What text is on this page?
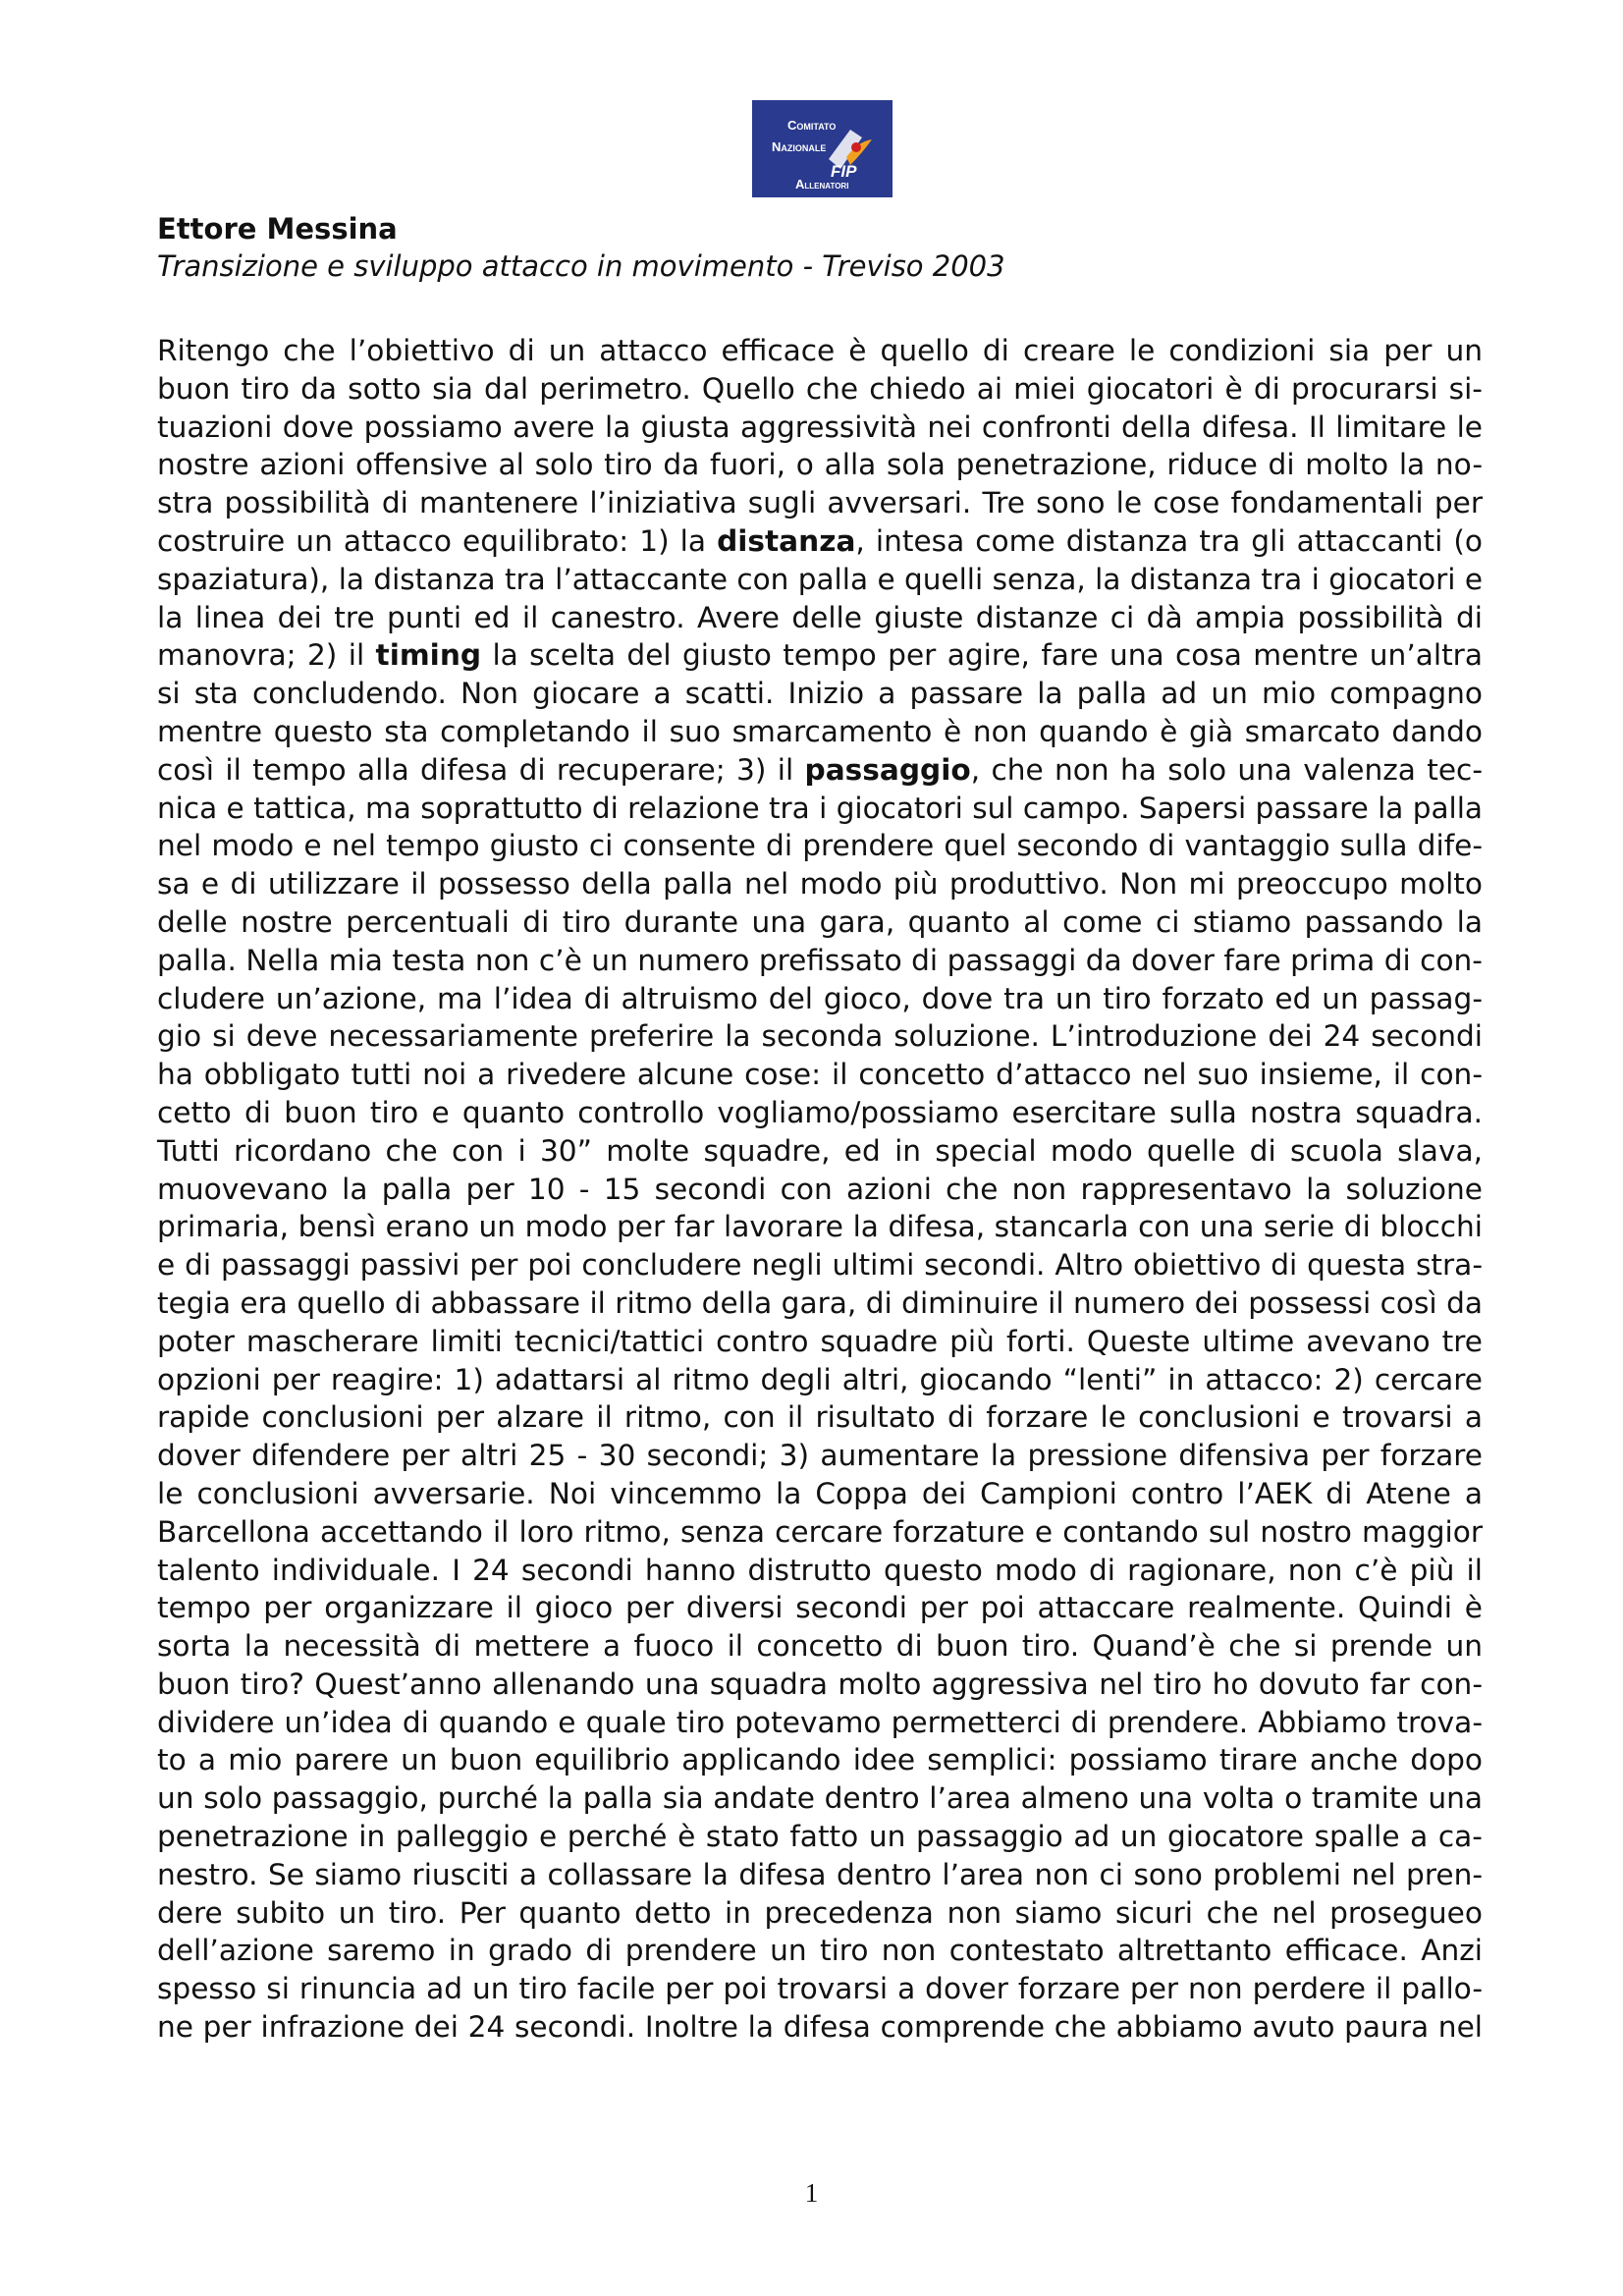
COMITATO
NAZIONALE
FIP
ALLENATORI

Ettore Messina

Transizione e sviluppo attacco in movimento - Treviso 2003

Ritengo che l’obiettivo di un attacco efficace è quello di creare le condizioni sia per un
buon tiro da sotto sia dal perimetro. Quello che chiedo ai miei giocatori è di procurarsi si-
tuazioni dove possiamo avere la giusta aggressività nei confronti della difesa. Il limitare le
nostre azioni offensive al solo tiro da fuori, o alla sola penetrazione, riduce di molto la no-
stra possibilità di mantenere l’iniziativa sugli avversari. Tre sono le cose fondamentali per
costruire un attacco equilibrato: 1) la distanza, intesa come distanza tra gli attaccanti (o
spaziatura), la distanza tra l’attaccante con palla e quelli senza, la distanza tra i giocatori e
la linea dei tre punti ed il canestro. Avere delle giuste distanze ci dà ampia possibilità di
manovra; 2) il timing la scelta del giusto tempo per agire, fare una cosa mentre un’altra
si sta concludendo. Non giocare a scatti. Inizio a passare la palla ad un mio compagno
mentre questo sta completando il suo smarcamento è non quando è già smarcato dando
così il tempo alla difesa di recuperare; 3) il passaggio, che non ha solo una valenza tec-
nica e tattica, ma soprattutto di relazione tra i giocatori sul campo. Sapersi passare la palla
nel modo e nel tempo giusto ci consente di prendere quel secondo di vantaggio sulla dife-
sa e di utilizzare il possesso della palla nel modo più produttivo. Non mi preoccupo molto
delle nostre percentuali di tiro durante una gara, quanto al come ci stiamo passando la
palla. Nella mia testa non c’è un numero prefissato di passaggi da dover fare prima di con-
cludere un’azione, ma l’idea di altruismo del gioco, dove tra un tiro forzato ed un passag-
gio si deve necessariamente preferire la seconda soluzione. L’introduzione dei 24 secondi
ha obbligato tutti noi a rivedere alcune cose: il concetto d’attacco nel suo insieme, il con-
cetto di buon tiro e quanto controllo vogliamo/possiamo esercitare sulla nostra squadra.
Tutti ricordano che con i 30” molte squadre, ed in special modo quelle di scuola slava,
muovevano la palla per 10 - 15 secondi con azioni che non rappresentavo la soluzione
primaria, bensì erano un modo per far lavorare la difesa, stancarla con una serie di blocchi
e di passaggi passivi per poi concludere negli ultimi secondi. Altro obiettivo di questa stra-
tegia era quello di abbassare il ritmo della gara, di diminuire il numero dei possessi così da
poter mascherare limiti tecnici/tattici contro squadre più forti. Queste ultime avevano tre
opzioni per reagire: 1) adattarsi al ritmo degli altri, giocando “lenti” in attacco: 2) cercare
rapide conclusioni per alzare il ritmo, con il risultato di forzare le conclusioni e trovarsi a
dover difendere per altri 25 - 30 secondi; 3) aumentare la pressione difensiva per forzare
le conclusioni avversarie. Noi vincemmo la Coppa dei Campioni contro l’AEK di Atene a
Barcellona accettando il loro ritmo, senza cercare forzature e contando sul nostro maggior
talento individuale. I 24 secondi hanno distrutto questo modo di ragionare, non c’è più il
tempo per organizzare il gioco per diversi secondi per poi attaccare realmente. Quindi è
sorta la necessità di mettere a fuoco il concetto di buon tiro. Quand’è che si prende un
buon tiro? Quest’anno allenando una squadra molto aggressiva nel tiro ho dovuto far con-
dividere un’idea di quando e quale tiro potevamo permetterci di prendere. Abbiamo trova-
to a mio parere un buon equilibrio applicando idee semplici: possiamo tirare anche dopo
un solo passaggio, purché la palla sia andate dentro l’area almeno una volta o tramite una
penetrazione in palleggio e perché è stato fatto un passaggio ad un giocatore spalle a ca-
nestro. Se siamo riusciti a collassare la difesa dentro l’area non ci sono problemi nel pren-
dere subito un tiro. Per quanto detto in precedenza non siamo sicuri che nel prosegueo
dell’azione saremo in grado di prendere un tiro non contestato altrettanto efficace. Anzi
spesso si rinuncia ad un tiro facile per poi trovarsi a dover forzare per non perdere il pallo-
ne per infrazione dei 24 secondi. Inoltre la difesa comprende che abbiamo avuto paura nel
1
